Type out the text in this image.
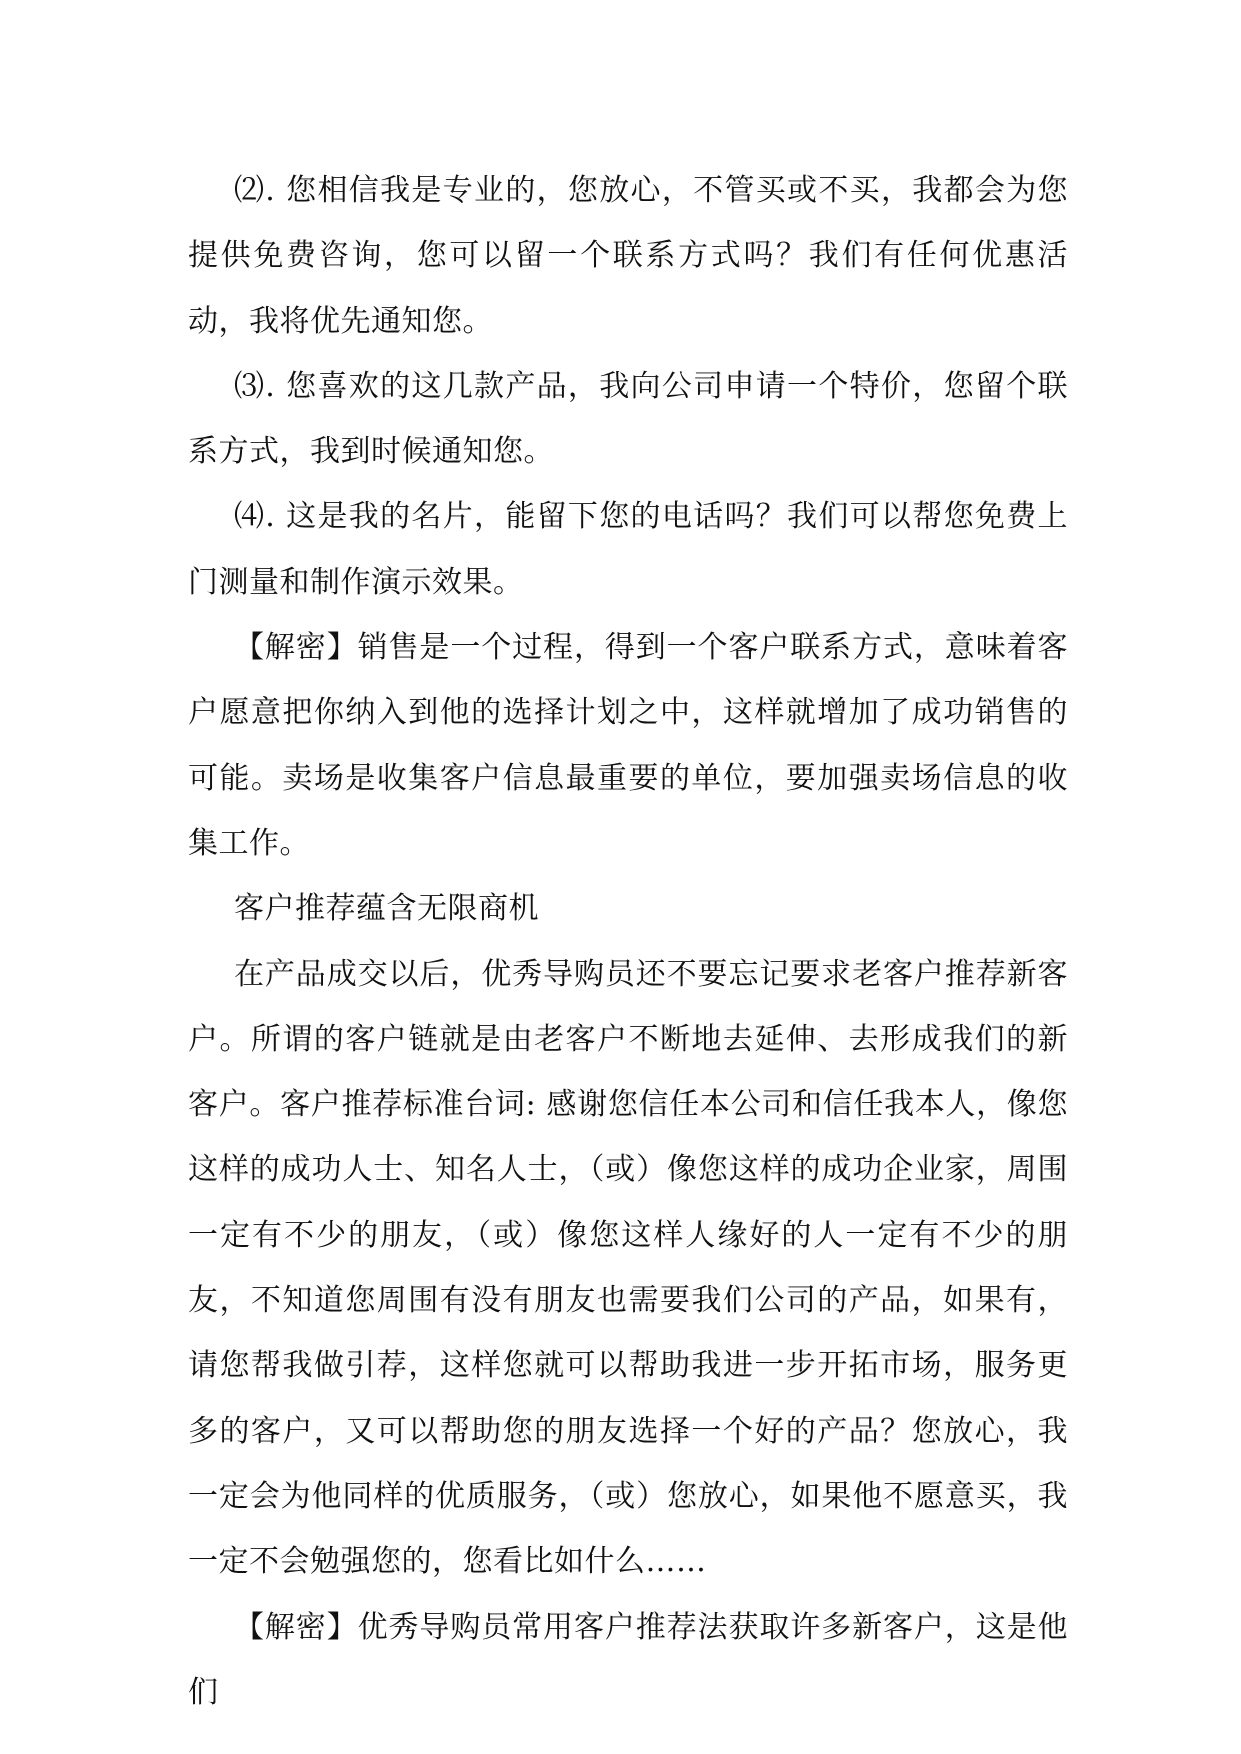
⑵. 您相信我是专业的，您放心，不管买或不买，我都会为您提供免费咨询，您可以留一个联系方式吗？我们有任何优惠活动，我将优先通知您。

⑶. 您喜欢的这几款产品，我向公司申请一个特价，您留个联系方式，我到时候通知您。

⑷. 这是我的名片，能留下您的电话吗？我们可以帮您免费上门测量和制作演示效果。

【解密】销售是一个过程，得到一个客户联系方式，意味着客户愿意把你纳入到他的选择计划之中，这样就增加了成功销售的可能。卖场是收集客户信息最重要的单位，要加强卖场信息的收集工作。

客户推荐蕴含无限商机

在产品成交以后，优秀导购员还不要忘记要求老客户推荐新客户。所谓的客户链就是由老客户不断地去延伸、去形成我们的新客户。客户推荐标准台词: 感谢您信任本公司和信任我本人，像您这样的成功人士、知名人士，（或）像您这样的成功企业家，周围一定有不少的朋友，（或）像您这样人缘好的人一定有不少的朋友，不知道您周围有没有朋友也需要我们公司的产品，如果有，请您帮我做引荐，这样您就可以帮助我进一步开拓市场，服务更多的客户，又可以帮助您的朋友选择一个好的产品？您放心，我一定会为他同样的优质服务，（或）您放心，如果他不愿意买，我一定不会勉强您的，您看比如什么……

【解密】优秀导购员常用客户推荐法获取许多新客户，这是他们
